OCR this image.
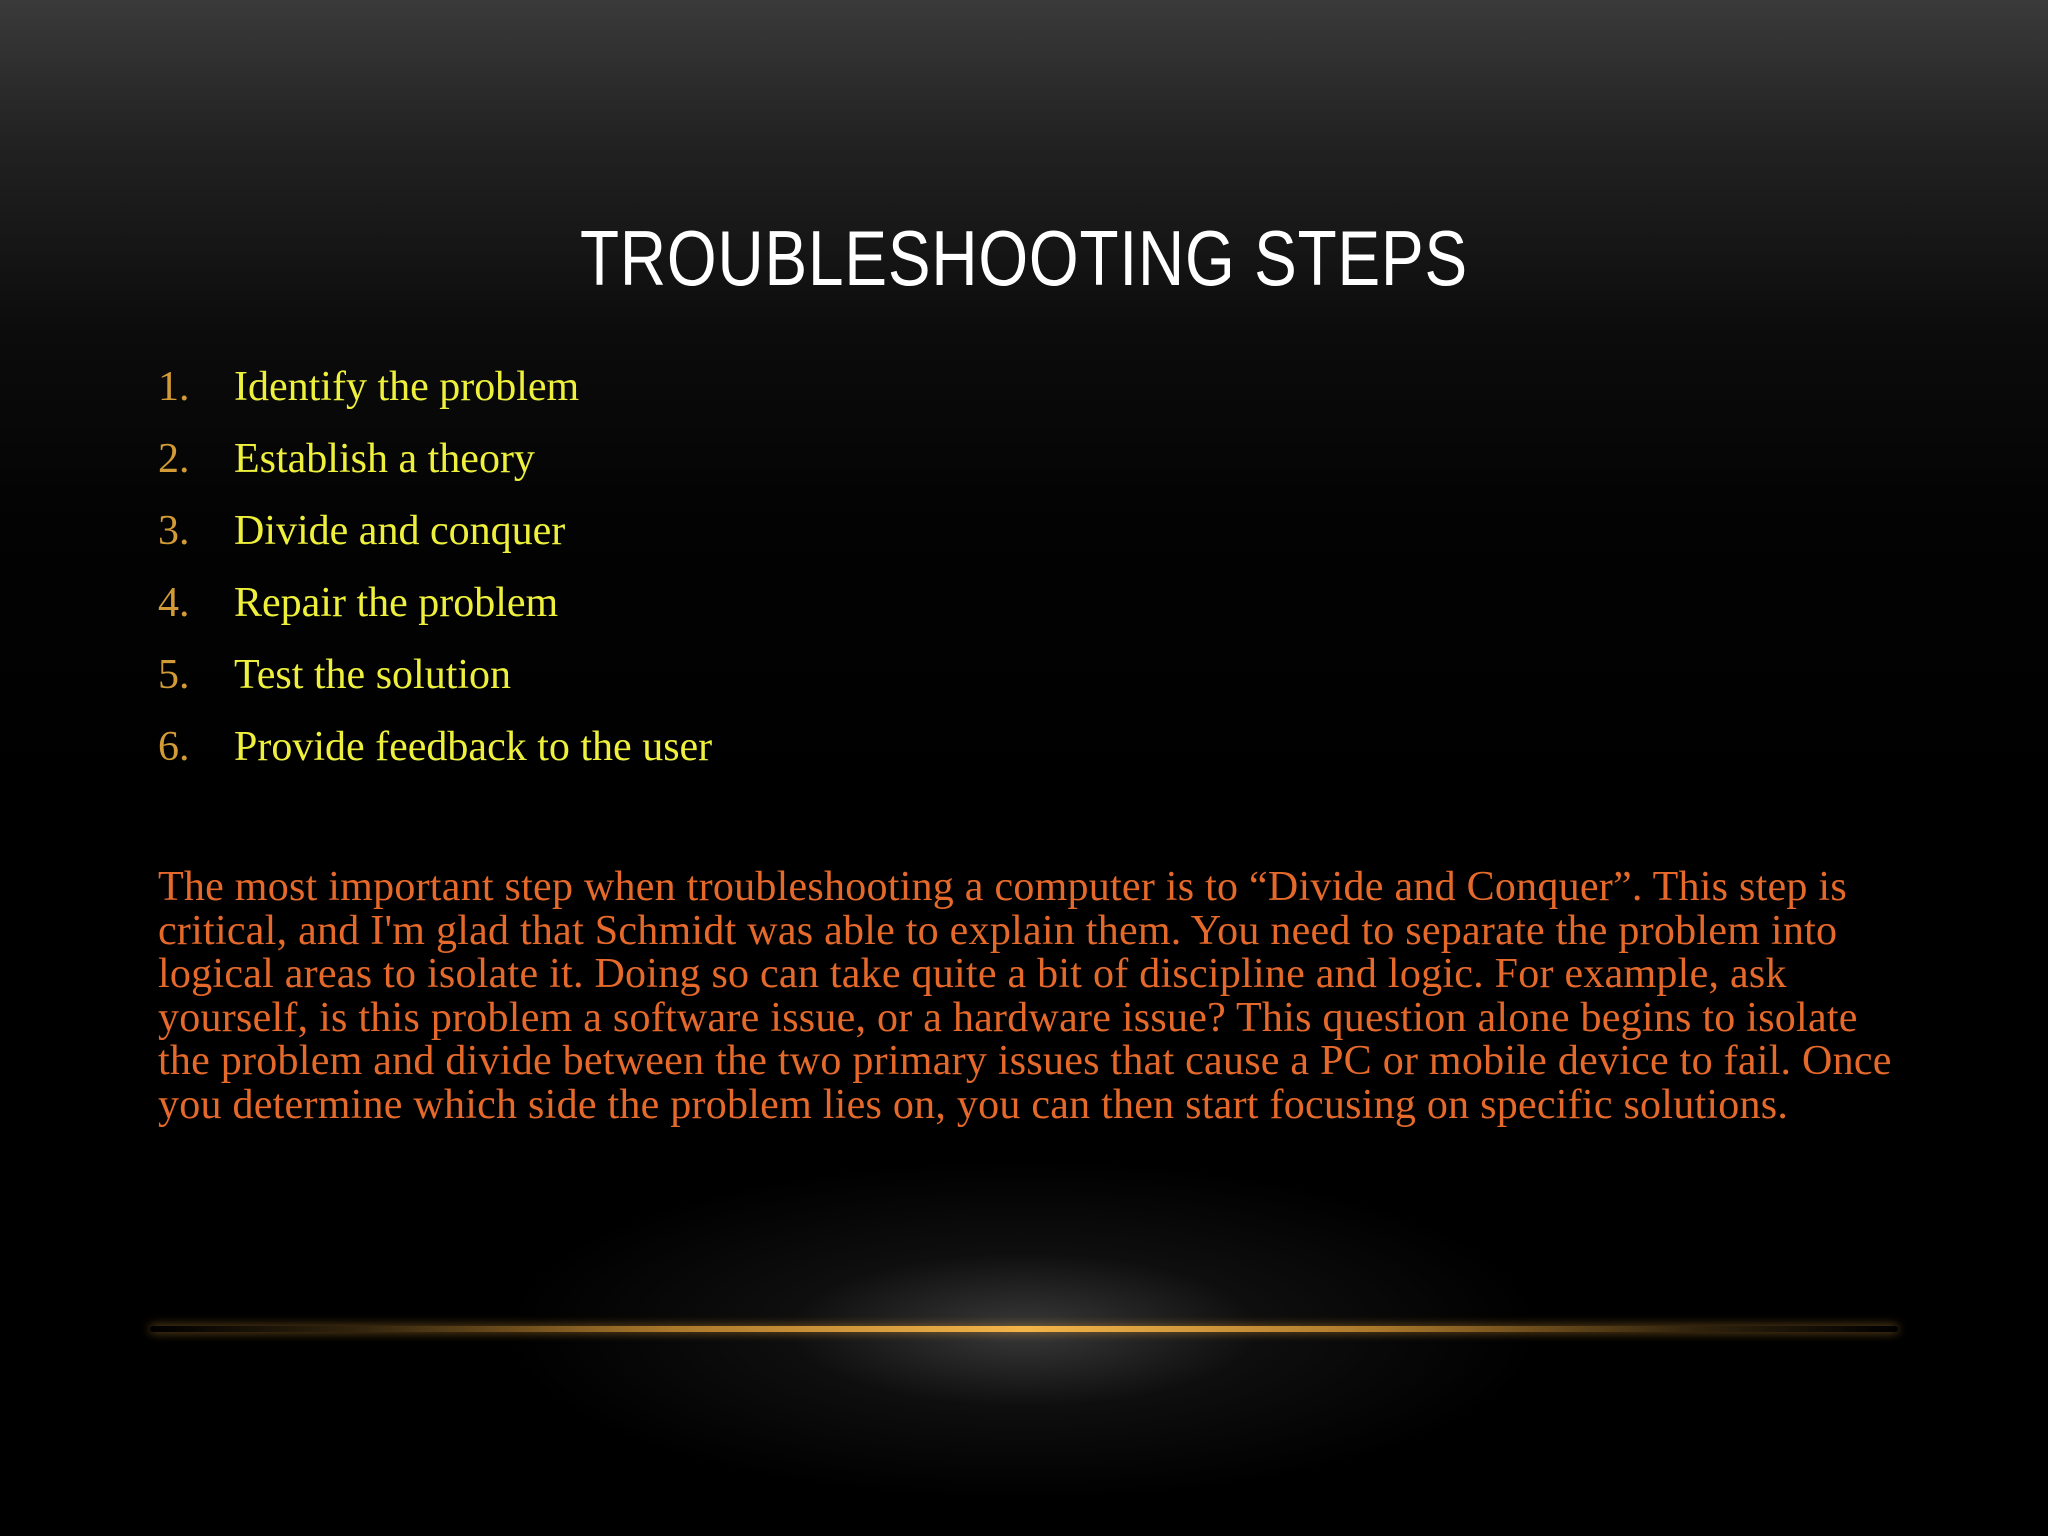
TROUBLESHOOTING STEPS
1. Identify the problem
2. Establish a theory
3. Divide and conquer
4. Repair the problem
5. Test the solution
6. Provide feedback to the user

The most important step when troubleshooting a computer is to “Divide and Conquer”. This step is critical, and I'm glad that Schmidt was able to explain them. You need to separate the problem into logical areas to isolate it. Doing so can take quite a bit of discipline and logic. For example, ask yourself, is this problem a software issue, or a hardware issue? This question alone begins to isolate the problem and divide between the two primary issues that cause a PC or mobile device to fail. Once you determine which side the problem lies on, you can then start focusing on specific solutions.
